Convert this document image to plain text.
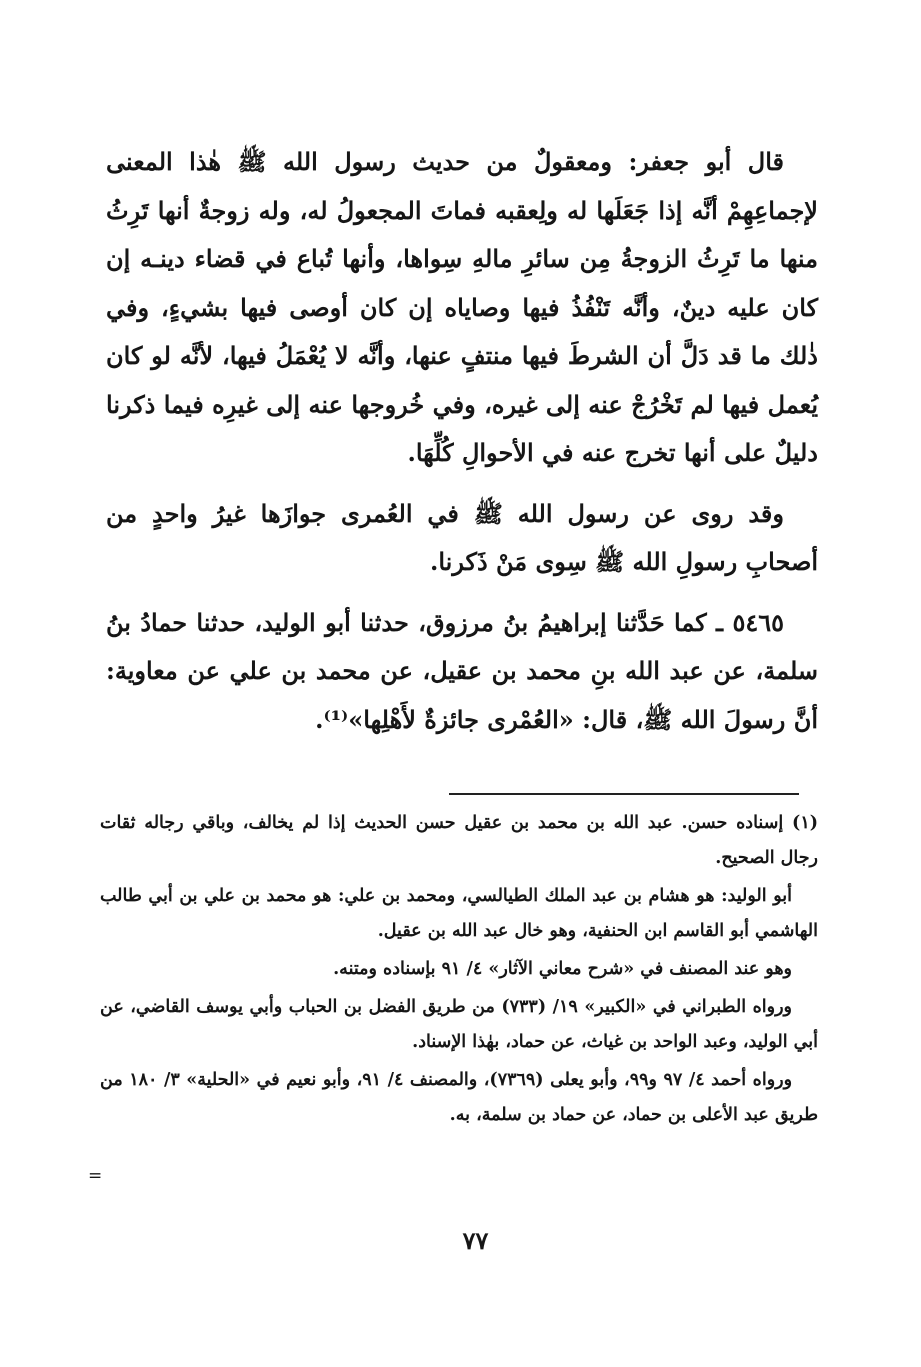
قال أبو جعفر: ومعقولٌ من حديث رسول الله ﷺ هٰذا المعنى لإجماعِهِمْ أنَّه إذا جَعَلَها له ولِعقبه فماتَ المجعولُ له، وله زوجةٌ أنها تَرِثُ منها ما تَرِثُ الزوجةُ مِن سائرِ مالهِ سِواها، وأنها تُباع في قضاء دينـه إن كان عليه دينٌ، وأنَّه تَنْفُذُ فيها وصاياه إن كان أوصى فيها بشيءٍ، وفي ذٰلك ما قد دَلَّ أن الشرطَ فيها منتفٍ عنها، وأنَّه لا يُعْمَلُ فيها، لأنَّه لو كان يُعمل فيها لم تَخْرُجْ عنه إلى غيره، وفي خُروجها عنه إلى غيرِه فيما ذكرنا دليلٌ على أنها تخرج عنه في الأحوالِ كُلِّهَا.

وقد روى عن رسول الله ﷺ في العُمرى جوازَها غيرُ واحدٍ من أصحابِ رسولِ الله ﷺ سِوى مَنْ ذَكرنا.

٥٤٦٥ ـ كما حَدَّثنا إبراهيمُ بنُ مرزوق، حدثنا أبو الوليد، حدثنا حمادُ بنُ سلمة، عن عبد الله بنِ محمد بن عقيل، عن محمد بن علي عن معاوية: أنَّ رسولَ الله ﷺ، قال: «العُمْرى جائزةٌ لأَهْلِها»⁽¹⁾.

(١) إسناده حسن. عبد الله بن محمد بن عقيل حسن الحديث إذا لم يخالف، وباقي رجاله ثقات رجال الصحيح.

أبو الوليد: هو هشام بن عبد الملك الطيالسي، ومحمد بن علي: هو محمد بن علي بن أبي طالب الهاشمي أبو القاسم ابن الحنفية، وهو خال عبد الله بن عقيل.

وهو عند المصنف في «شرح معاني الآثار» ٤/ ٩١ بإسناده ومتنه.

ورواه الطبراني في «الكبير» ١٩/ (٧٣٣) من طريق الفضل بن الحباب وأبي يوسف القاضي، عن أبي الوليد، وعبد الواحد بن غياث، عن حماد، بهٰذا الإسناد.

ورواه أحمد ٤/ ٩٧ و٩٩، وأبو يعلى (٧٣٦٩)، والمصنف ٤/ ٩١، وأبو نعيم في «الحلية» ٣/ ١٨٠ من طريق عبد الأعلى بن حماد، عن حماد بن سلمة، به.

=
٧٧
